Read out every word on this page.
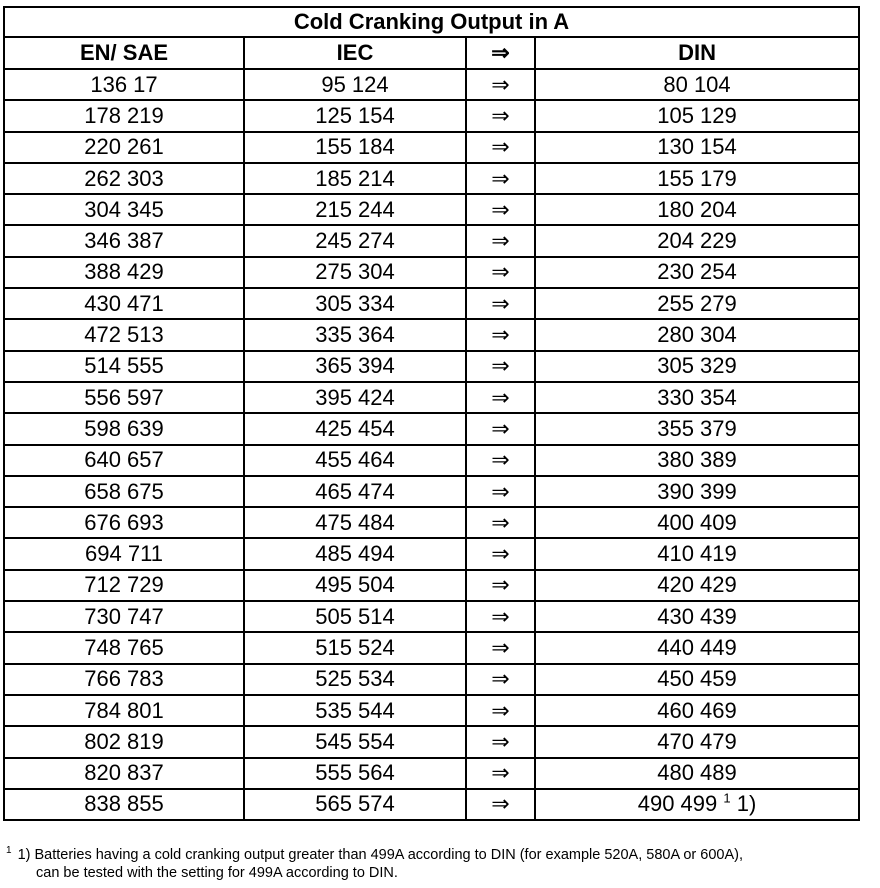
Cold Cranking Output in A			
EN/ SAE	IEC	⇒	DIN
136 17	95 124	⇒	80 104
178 219	125 154	⇒	105 129
220 261	155 184	⇒	130 154
262 303	185 214	⇒	155 179
304 345	215 244	⇒	180 204
346 387	245 274	⇒	204 229
388 429	275 304	⇒	230 254
430 471	305 334	⇒	255 279
472 513	335 364	⇒	280 304
514 555	365 394	⇒	305 329
556 597	395 424	⇒	330 354
598 639	425 454	⇒	355 379
640 657	455 464	⇒	380 389
658 675	465 474	⇒	390 399
676 693	475 484	⇒	400 409
694 711	485 494	⇒	410 419
712 729	495 504	⇒	420 429
730 747	505 514	⇒	430 439
748 765	515 524	⇒	440 449
766 783	525 534	⇒	450 459
784 801	535 544	⇒	460 469
802 819	545 554	⇒	470 479
820 837	555 564	⇒	480 489
838 855	565 574	⇒	490 499 $^1$ 1)
$^1$ 1) Batteries having a cold cranking output greater than 499A according to DIN (for example 520A, 580A or 600A),
can be tested with the setting for 499A according to DIN.
